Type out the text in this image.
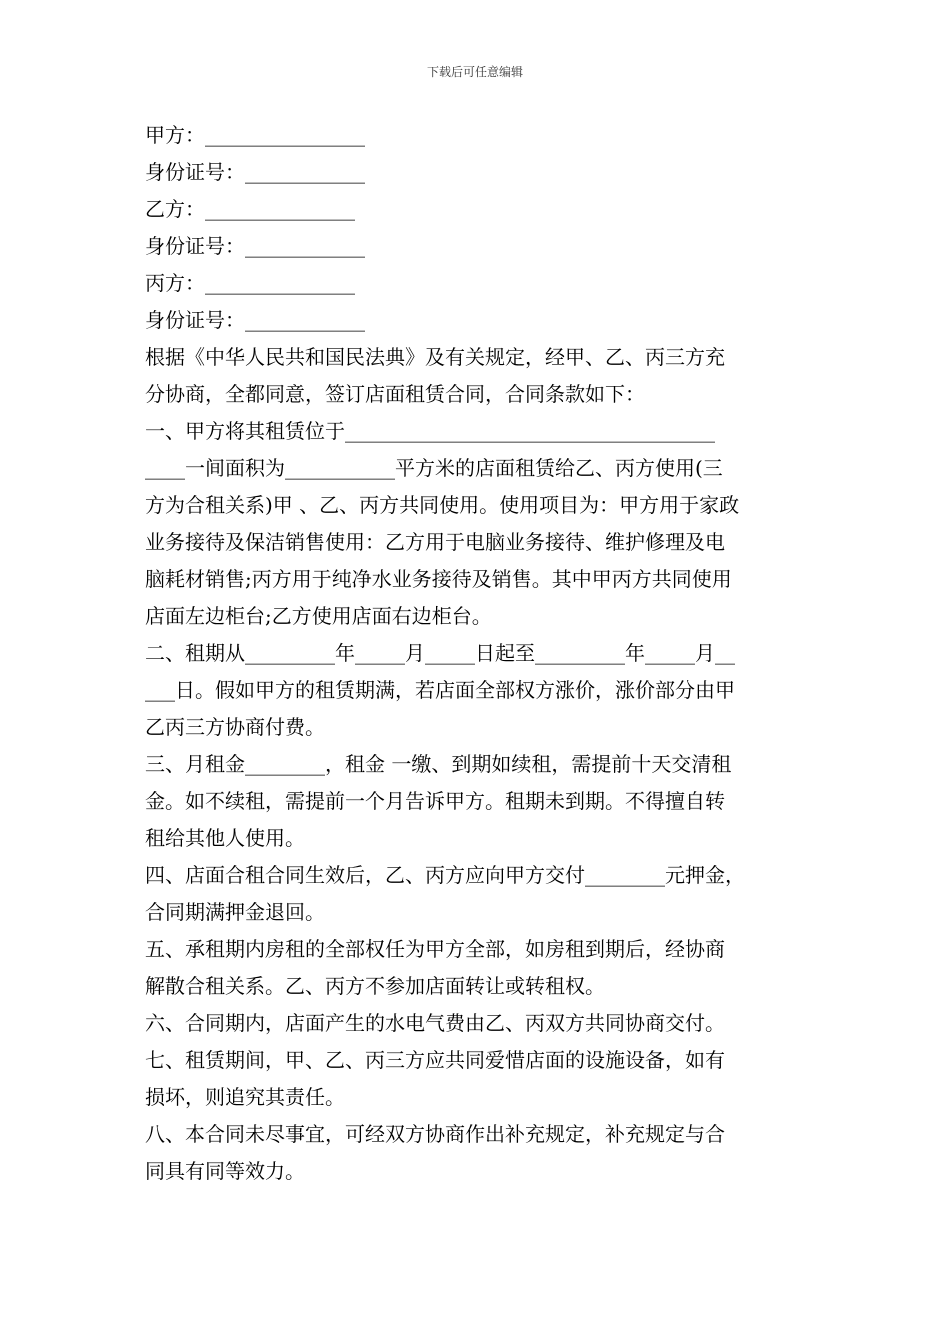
下载后可任意编辑
甲方：________________
身份证号：____________
乙方：_______________
身份证号：____________
丙方：_______________
身份证号：____________
根据《中华人民共和国民法典》及有关规定，经甲、乙、丙三方充
分协商，全都同意，签订店面租赁合同，合同条款如下：
一、甲方将其租赁位于_____________________________________
____一间面积为___________平方米的店面租赁给乙、丙方使用(三
方为合租关系)甲 、乙、丙方共同使用。使用项目为：甲方用于家政
业务接待及保洁销售使用：乙方用于电脑业务接待、维护修理及电
脑耗材销售;丙方用于纯净水业务接待及销售。其中甲丙方共同使用
店面左边柜台;乙方使用店面右边柜台。
二、租期从_________年_____月_____日起至_________年_____月__
___日。假如甲方的租赁期满，若店面全部权方涨价，涨价部分由甲
乙丙三方协商付费。
三、月租金________，租金 一缴、到期如续租，需提前十天交清租
金。如不续租，需提前一个月告诉甲方。租期未到期。不得擅自转
租给其他人使用。
四、店面合租合同生效后，乙、丙方应向甲方交付________元押金，
合同期满押金退回。
五、承租期内房租的全部权任为甲方全部，如房租到期后，经协商
解散合租关系。乙、丙方不参加店面转让或转租权。
六、合同期内，店面产生的水电气费由乙、丙双方共同协商交付。
七、租赁期间，甲、乙、丙三方应共同爱惜店面的设施设备，如有
损坏，则追究其责任。
八、本合同未尽事宜，可经双方协商作出补充规定，补充规定与合
同具有同等效力。
